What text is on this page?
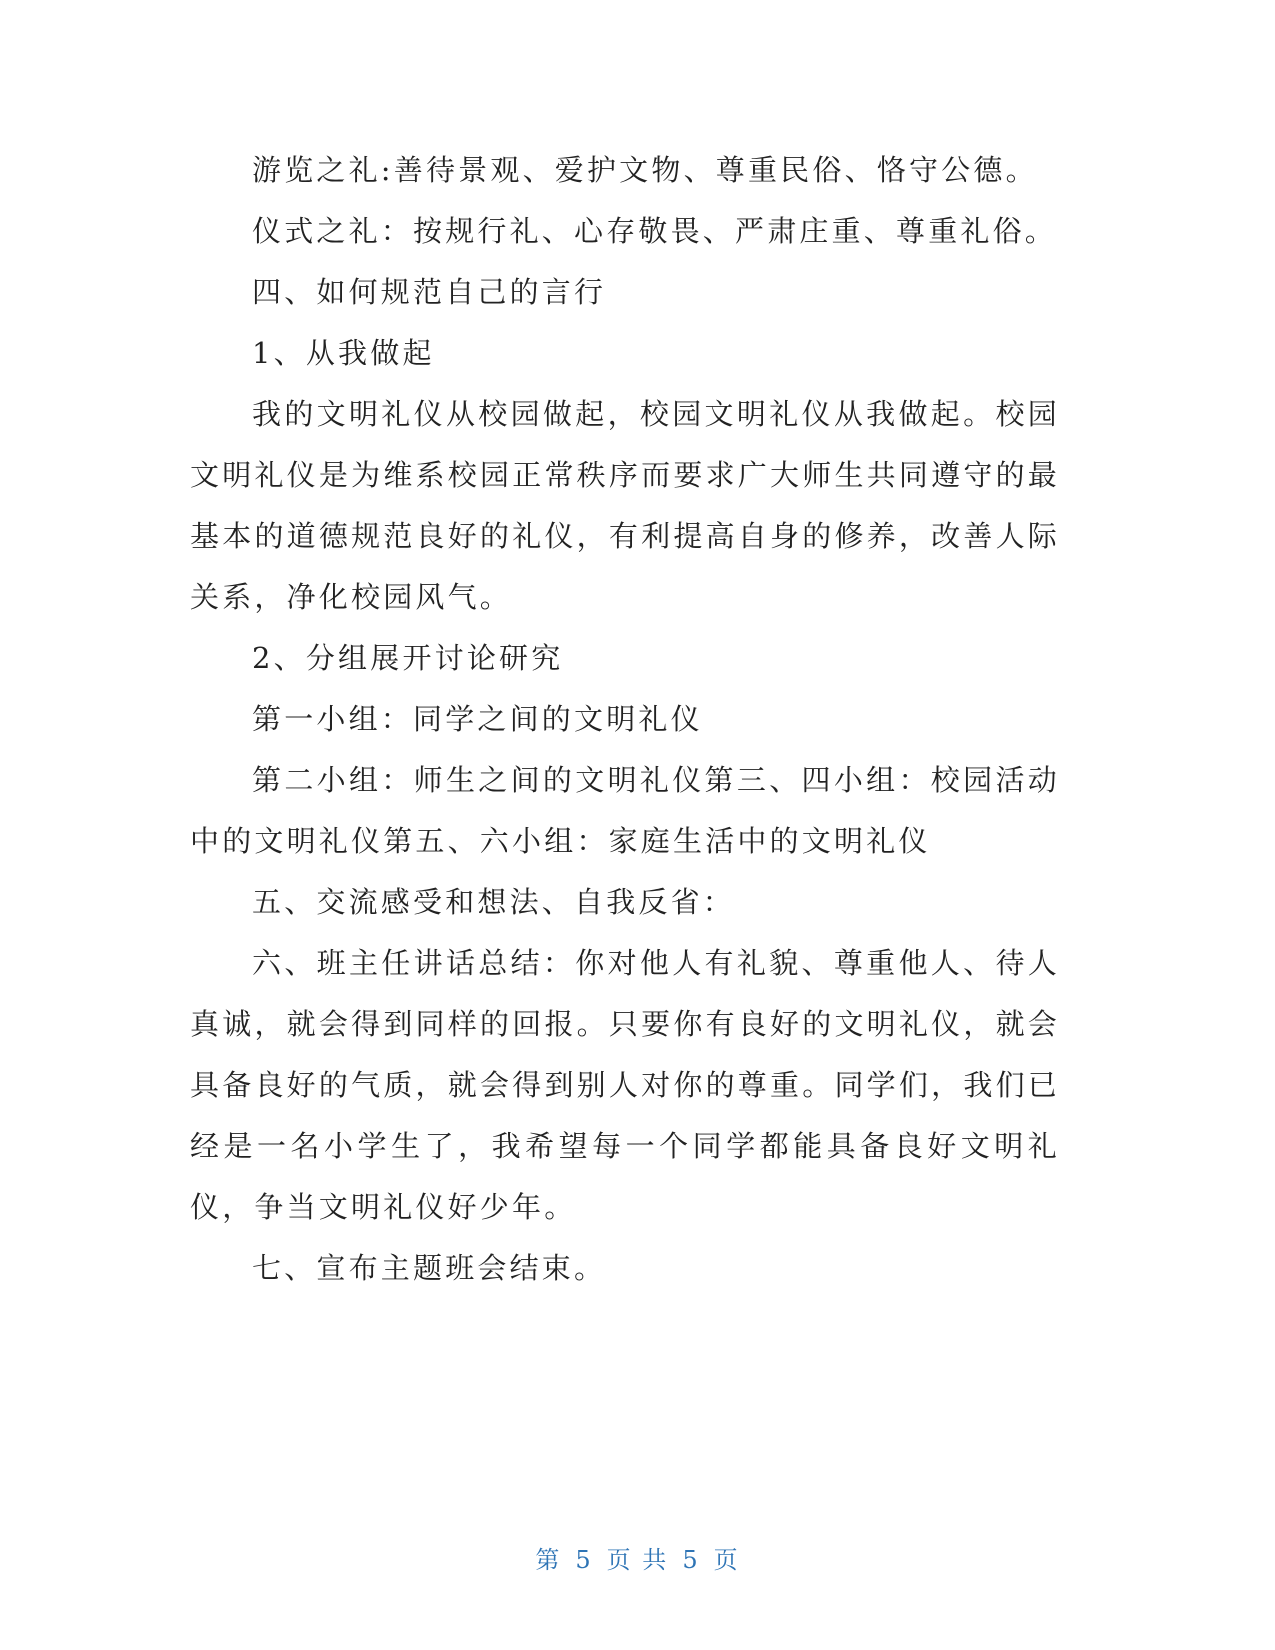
游览之礼:善待景观、爱护文物、尊重民俗、恪守公德。

仪式之礼：按规行礼、心存敬畏、严肃庄重、尊重礼俗。

四、如何规范自己的言行

1、从我做起

我的文明礼仪从校园做起，校园文明礼仪从我做起。校园文明礼仪是为维系校园正常秩序而要求广大师生共同遵守的最基本的道德规范良好的礼仪，有利提高自身的修养，改善人际关系，净化校园风气。

2、分组展开讨论研究

第一小组：同学之间的文明礼仪

第二小组：师生之间的文明礼仪第三、四小组：校园活动中的文明礼仪第五、六小组：家庭生活中的文明礼仪

五、交流感受和想法、自我反省：

六、班主任讲话总结：你对他人有礼貌、尊重他人、待人真诚，就会得到同样的回报。只要你有良好的文明礼仪，就会具备良好的气质，就会得到别人对你的尊重。同学们，我们已经是一名小学生了，我希望每一个同学都能具备良好文明礼仪，争当文明礼仪好少年。

七、宣布主题班会结束。

第 5 页 共 5 页
